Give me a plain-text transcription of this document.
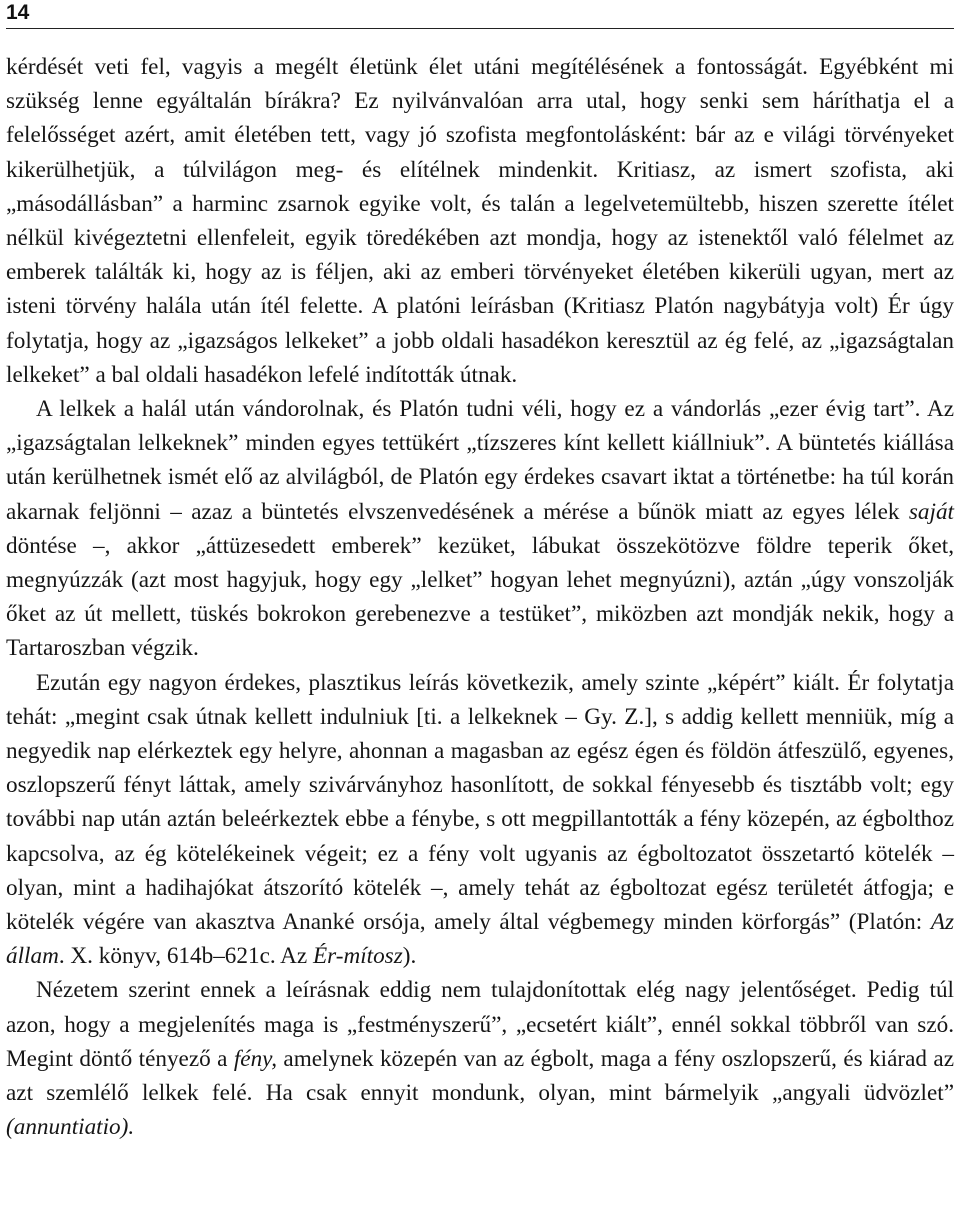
14

kérdését veti fel, vagyis a megélt életünk élet utáni megítélésének a fontosságát. Egyébként mi szükség lenne egyáltalán bírákra? Ez nyilvánvalóan arra utal, hogy senki sem háríthatja el a felelősséget azért, amit életében tett, vagy jó szofista megfontolásként: bár az e világi törvényeket kikerülhetjük, a túlvilágon meg- és elítélnek mindenkit. Kritiasz, az ismert szofista, aki „másodállásban” a harminc zsarnok egyike volt, és talán a legelvetemültebb, hiszen szerette ítélet nélkül kivégeztetni ellenfeleit, egyik töredékében azt mondja, hogy az istenektől való félelmet az emberek találták ki, hogy az is féljen, aki az emberi törvényeket életében kikerüli ugyan, mert az isteni törvény halála után ítél felette. A platóni leírásban (Kritiasz Platón nagybátyja volt) Ér úgy folytatja, hogy az „igazságos lelkeket” a jobb oldali hasadékon keresztül az ég felé, az „igazságtalan lelkeket” a bal oldali hasadékon lefelé indították útnak.

A lelkek a halál után vándorolnak, és Platón tudni véli, hogy ez a vándorlás „ezer évig tart”. Az „igazságtalan lelkeknek” minden egyes tettükért „tízszeres kínt kellett kiállniuk”. A büntetés kiállása után kerülhetnek ismét elő az alvilágból, de Platón egy érdekes csavart iktat a történetbe: ha túl korán akarnak feljönni – azaz a büntetés elvszenvedésének a mérése a bűnök miatt az egyes lélek saját döntése –, akkor „áttüzesedett emberek” kezüket, lábukat összekötözve földre teperik őket, megnyúzzák (azt most hagyjuk, hogy egy „lelket” hogyan lehet megnyúzni), aztán „úgy vonszolják őket az út mellett, tüskés bokrokon gerebenezve a testüket”, miközben azt mondják nekik, hogy a Tartaroszban végzik.

Ezután egy nagyon érdekes, plasztikus leírás következik, amely szinte „képért” kiált. Ér folytatja tehát: „megint csak útnak kellett indulniuk [ti. a lelkeknek – Gy. Z.], s addig kellett menniük, míg a negyedik nap elérkeztek egy helyre, ahonnan a magasban az egész égen és földön átfeszülő, egyenes, oszlopszerű fényt láttak, amely szivárványhoz hasonlított, de sokkal fényesebb és tisztább volt; egy további nap után aztán beleérkeztek ebbe a fénybe, s ott megpillantották a fény közepén, az égbolthoz kapcsolva, az ég kötelékeinek végeit; ez a fény volt ugyanis az égboltozatot összetartó kötelék – olyan, mint a hadihajókat átszorító kötelék –, amely tehát az égboltozat egész területét átfogja; e kötelék végére van akasztva Ananké orsója, amely által végbemegy minden körforgás” (Platón: Az állam. X. könyv, 614b–621c. Az Ér-mítosz).

Nézetem szerint ennek a leírásnak eddig nem tulajdonítottak elég nagy jelentőséget. Pedig túl azon, hogy a megjelenítés maga is „festményszerű”, „ecsetért kiált”, ennél sokkal többről van szó. Megint döntő tényező a fény, amelynek közepén van az égbolt, maga a fény oszlopszerű, és kiárad az azt szemlélő lelkek felé. Ha csak ennyit mondunk, olyan, mint bármelyik „angyali üdvözlet” (annuntiatio).
